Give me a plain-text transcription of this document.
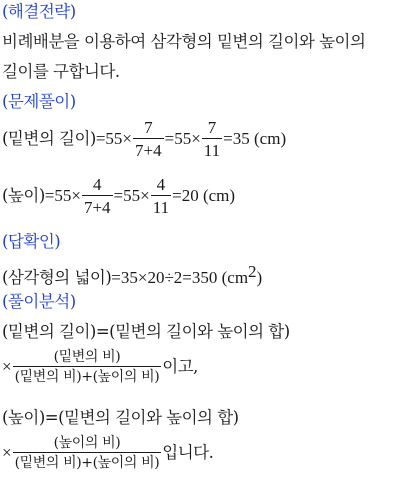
(해결전략)
비례배분을 이용하여 삼각형의 밑변의 길이와 높이의
길이를 구합니다.
(문제풀이)
(밑변의 길이) $=55\times \frac{7}{7+4} =55\times \frac{7}{11} =35$ (cm)
(높이) $=55\times \frac{4}{7+4} =55\times \frac{4}{11} =20$ (cm)
(답확인)
(삼각형의 넓이)=35×20÷2=350 $(cm^2)$
(풀이분석)
(밑변의 길이)=(밑변의 길이와 높이의 합)
× $\frac{\text{(밑변의 비)}}{\text{(밑변의 비)+(높이의 비)}}$ 이고,
(높이)=(밑변의 길이와 높이의 합)
× $\frac{\text{(높이의 비)}}{\text{(밑변의 비)+(높이의 비)}}$ 입니다.
